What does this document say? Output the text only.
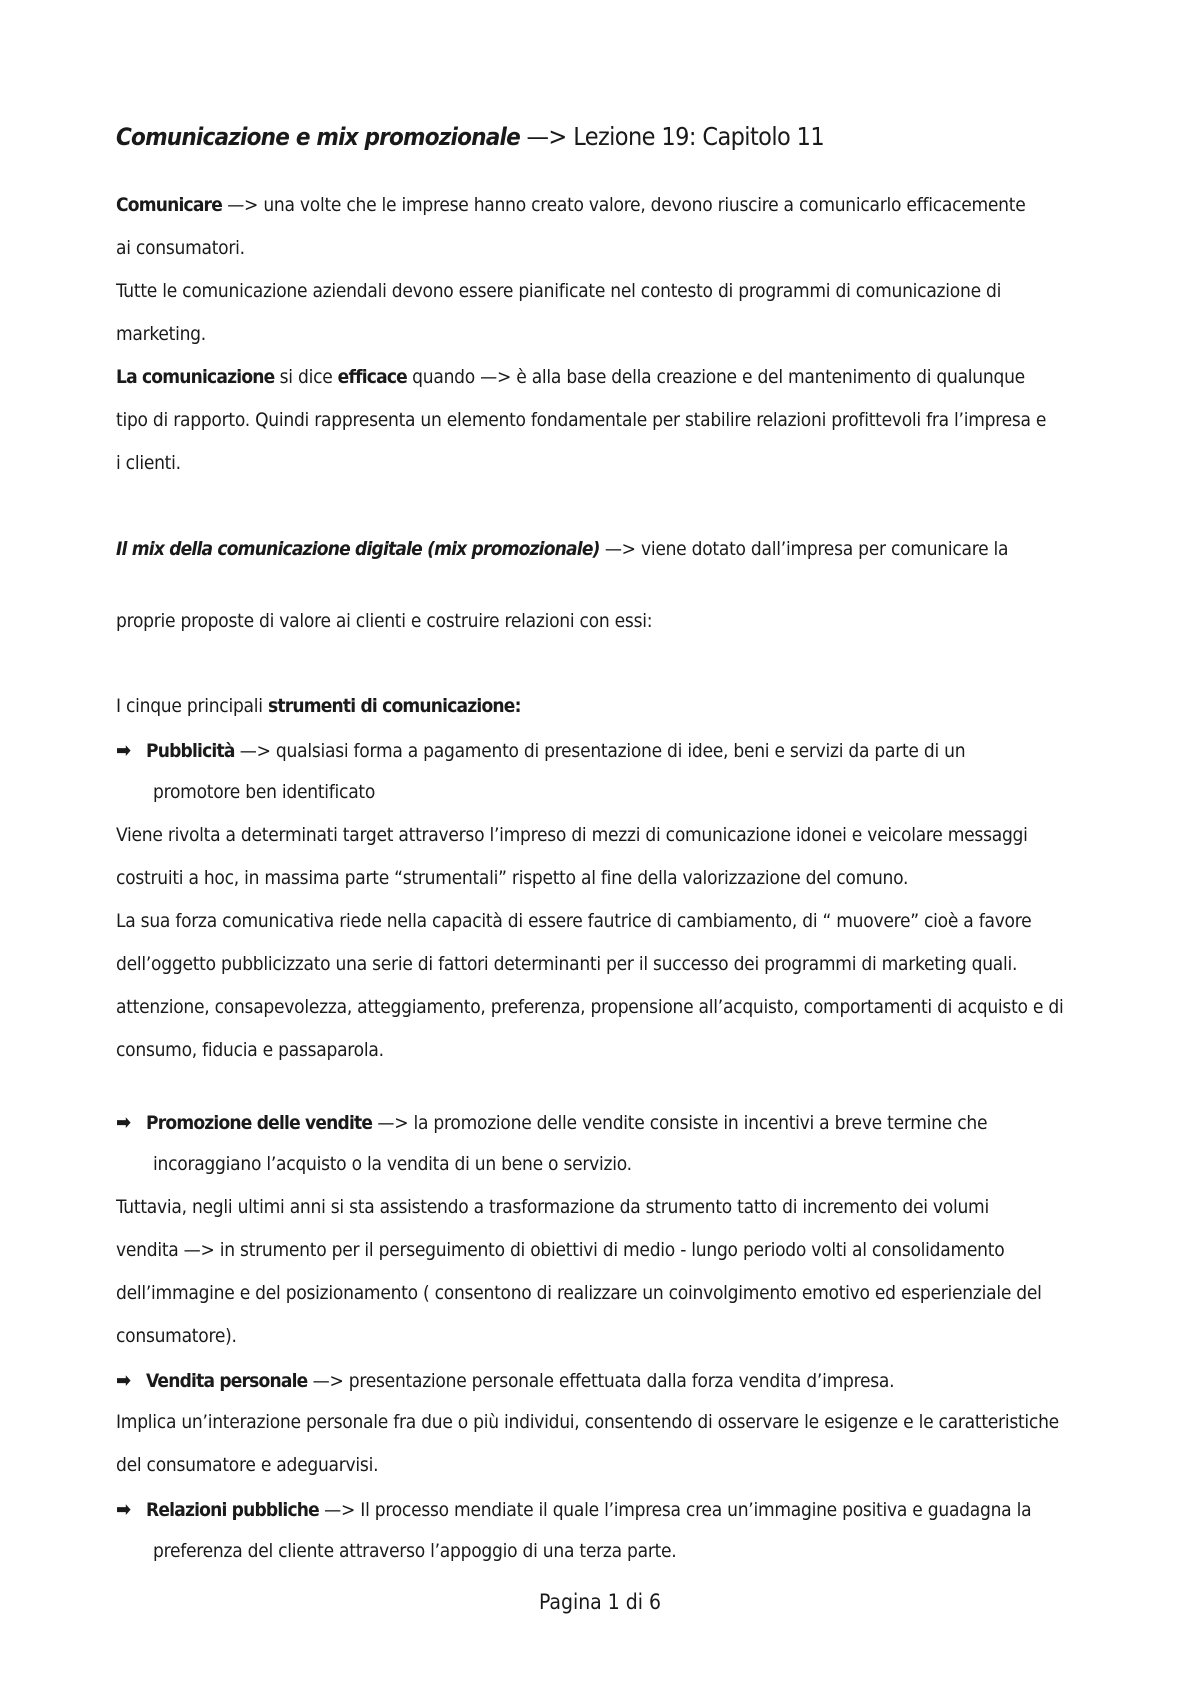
Comunicazione e mix promozionale —> Lezione 19: Capitolo 11
Comunicare —> una volte che le imprese hanno creato valore, devono riuscire a comunicarlo efficacemente
ai consumatori.
Tutte le comunicazione aziendali devono essere pianificate nel contesto di programmi di comunicazione di
marketing.
La comunicazione si dice efficace quando —> è alla base della creazione e del mantenimento di qualunque
tipo di rapporto. Quindi rappresenta un elemento fondamentale per stabilire relazioni profittevoli fra l’impresa e
i clienti.
Il mix della comunicazione digitale (mix promozionale) —> viene dotato dall’impresa per comunicare la
proprie proposte di valore ai clienti e costruire relazioni con essi:
I cinque principali strumenti di comunicazione:
➡ Pubblicità —> qualsiasi forma a pagamento di presentazione di idee, beni e servizi da parte di un
promotore ben identificato
Viene rivolta a determinati target attraverso l’impreso di mezzi di comunicazione idonei e veicolare messaggi
costruiti a hoc, in massima parte “strumentali” rispetto al fine della valorizzazione del comuno.
La sua forza comunicativa riede nella capacità di essere fautrice di cambiamento, di “ muovere” cioè a favore
dell’oggetto pubblicizzato una serie di fattori determinanti per il successo dei programmi di marketing quali.
attenzione, consapevolezza, atteggiamento, preferenza, propensione all’acquisto, comportamenti di acquisto e di
consumo, fiducia e passaparola.
➡ Promozione delle vendite —> la promozione delle vendite consiste in incentivi a breve termine che
incoraggiano l’acquisto o la vendita di un bene o servizio.
Tuttavia, negli ultimi anni si sta assistendo a trasformazione da strumento tatto di incremento dei volumi
vendita —> in strumento per il perseguimento di obiettivi di medio - lungo periodo volti al consolidamento
dell’immagine e del posizionamento ( consentono di realizzare un coinvolgimento emotivo ed esperienziale del
consumatore).
➡ Vendita personale —> presentazione personale effettuata dalla forza vendita d’impresa.
Implica un’interazione personale fra due o più individui, consentendo di osservare le esigenze e le caratteristiche
del consumatore e adeguarvisi.
➡ Relazioni pubbliche —> Il processo mendiate il quale l’impresa crea un’immagine positiva e guadagna la
preferenza del cliente attraverso l’appoggio di una terza parte.
Pagina 1 di 6
